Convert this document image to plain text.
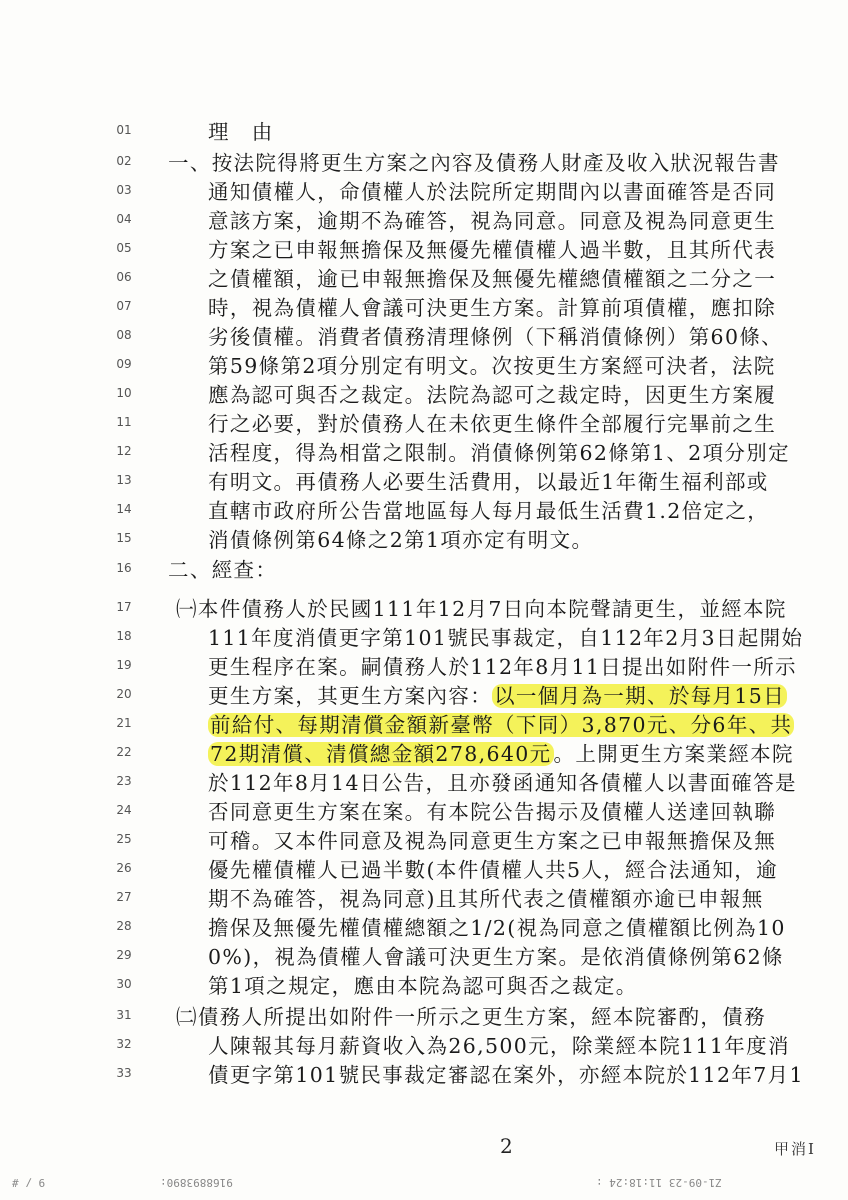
01	理　由
02	一、按法院得將更生方案之內容及債務人財產及收入狀況報告書
03	通知債權人，命債權人於法院所定期間內以書面確答是否同
04	意該方案，逾期不為確答，視為同意。同意及視為同意更生
05	方案之已申報無擔保及無優先權債權人過半數，且其所代表
06	之債權額，逾已申報無擔保及無優先權總債權額之二分之一
07	時，視為債權人會議可決更生方案。計算前項債權，應扣除
08	劣後債權。消費者債務清理條例（下稱消債條例）第60條、
09	第59條第2項分別定有明文。次按更生方案經可決者，法院
10	應為認可與否之裁定。法院為認可之裁定時，因更生方案履
11	行之必要，對於債務人在未依更生條件全部履行完畢前之生
12	活程度，得為相當之限制。消債條例第62條第1、2項分別定
13	有明文。再債務人必要生活費用，以最近1年衛生福利部或
14	直轄市政府所公告當地區每人每月最低生活費1.2倍定之，
15	消債條例第64條之2第1項亦定有明文。
16	二、經查：
17	㈠本件債務人於民國111年12月7日向本院聲請更生，並經本院
18	111年度消債更字第101號民事裁定，自112年2月3日起開始
19	更生程序在案。嗣債務人於112年8月11日提出如附件一所示
20	更生方案，其更生方案內容：以一個月為一期、於每月15日
21	前給付、每期清償金額新臺幣（下同）3,870元、分6年、共
22	72期清償、清償總金額278,640元。上開更生方案業經本院
23	於112年8月14日公告，且亦發函通知各債權人以書面確答是
24	否同意更生方案在案。有本院公告揭示及債權人送達回執聯
25	可稽。又本件同意及視為同意更生方案之已申報無擔保及無
26	優先權債權人已過半數(本件債權人共5人，經合法通知，逾
27	期不為確答，視為同意)且其所代表之債權額亦逾已申報無
28	擔保及無優先權債權總額之1/2(視為同意之債權額比例為10
29	0%)，視為債權人會議可決更生方案。是依消債條例第62條
30	第1項之規定，應由本院為認可與否之裁定。
31	㈡債務人所提出如附件一所示之更生方案，經本院審酌，債務
32	人陳報其每月薪資收入為26,500元，除業經本院111年度消
33	債更字第101號民事裁定審認在案外，亦經本院於112年7月1
2	甲消Ⅰ
9 / #	9168893890:	Z1-09-23 11:18:24 :
